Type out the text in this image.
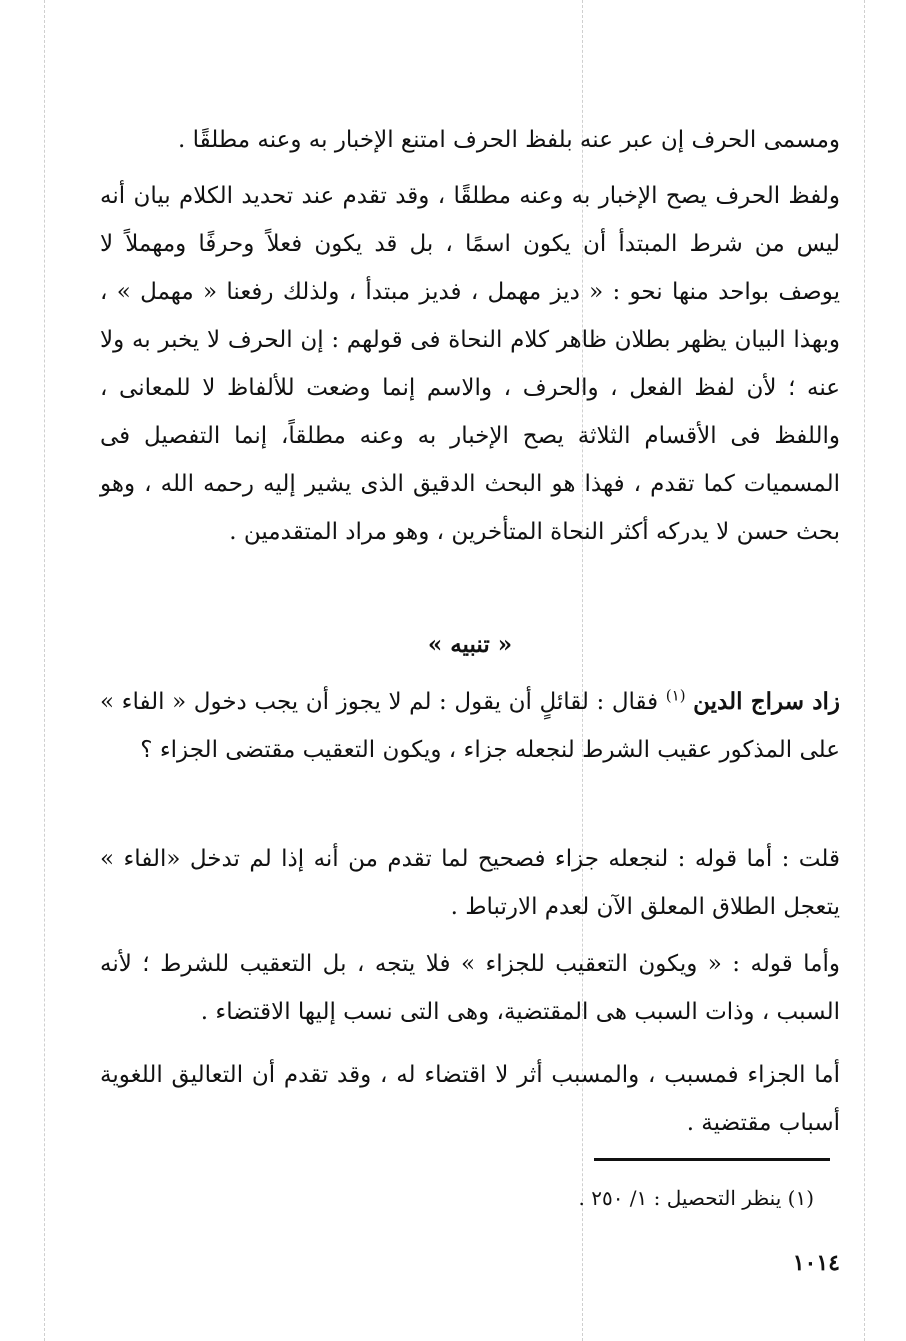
ومسمى الحرف إن عبر عنه بلفظ الحرف امتنع الإخبار به وعنه مطلقًا .

ولفظ الحرف يصح الإخبار به وعنه مطلقًا ، وقد تقدم عند تحديد الكلام بيان أنه ليس من شرط المبتدأ أن يكون اسمًا ، بل قد يكون فعلاً وحرفًا ومهملاً لا يوصف بواحد منها نحو : « ديز مهمل ، فديز مبتدأ ، ولذلك رفعنا « مهمل » ، وبهذا البيان يظهر بطلان ظاهر كلام النحاة فى قولهم : إن الحرف لا يخبر به ولا عنه ؛ لأن لفظ الفعل ، والحرف ، والاسم إنما وضعت للألفاظ لا للمعانى ، واللفظ فى الأقسام الثلاثة يصح الإخبار به وعنه مطلقاً، إنما التفصيل فى المسميات كما تقدم ، فهذا هو البحث الدقيق الذى يشير إليه رحمه الله ، وهو بحث حسن لا يدركه أكثر النحاة المتأخرين ، وهو مراد المتقدمين .

« تنبيه »

زاد سراج الدين $^{(١)}$ فقال : لقائلٍ أن يقول : لم لا يجوز أن يجب دخول « الفاء » على المذكور عقيب الشرط لنجعله جزاء ، ويكون التعقيب مقتضى الجزاء ؟

قلت : أما قوله : لنجعله جزاء فصحيح لما تقدم من أنه إذا لم تدخل «الفاء » يتعجل الطلاق المعلق الآن لعدم الارتباط .

وأما قوله : « ويكون التعقيب للجزاء » فلا يتجه ، بل التعقيب للشرط ؛ لأنه السبب ، وذات السبب هى المقتضية، وهى التى نسب إليها الاقتضاء .

أما الجزاء فمسبب ، والمسبب أثر لا اقتضاء له ، وقد تقدم أن التعاليق اللغوية أسباب مقتضية .

(١) ينظر التحصيل : ١/ ٢٥٠ .
١٠١٤
